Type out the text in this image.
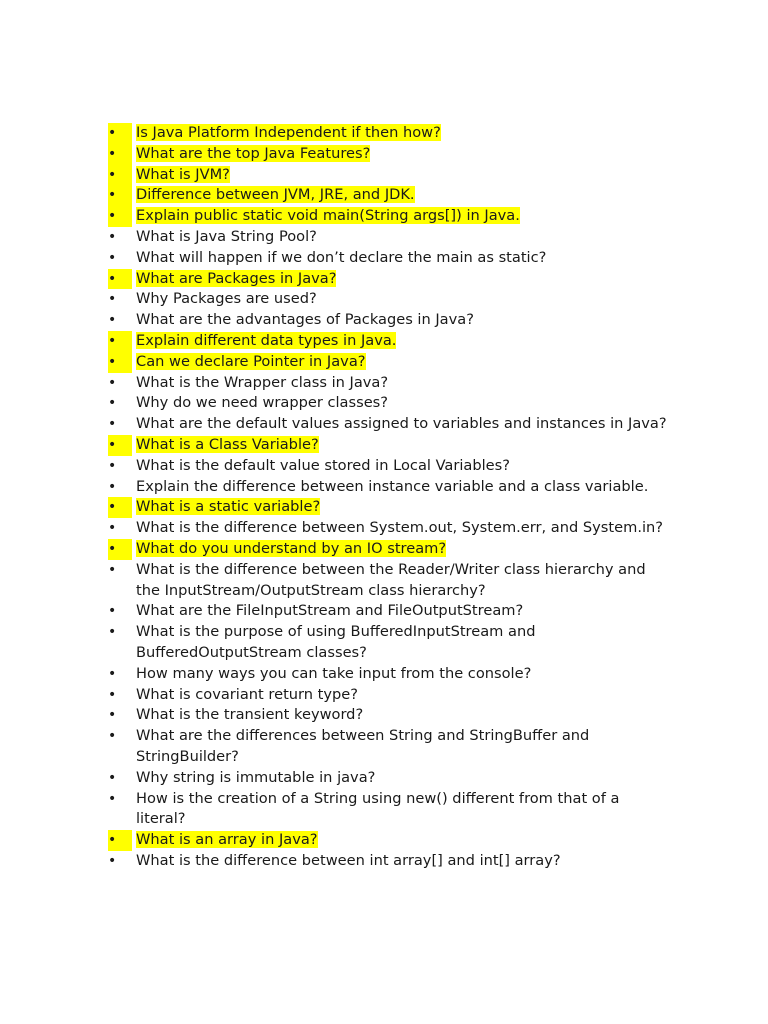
•	Is Java Platform Independent if then how?
•	What are the top Java Features?
•	What is JVM?
•	Difference between JVM, JRE, and JDK.
•	Explain public static void main(String args[]) in Java.
•	What is Java String Pool?
•	What will happen if we don’t declare the main as static?
•	What are Packages in Java?
•	Why Packages are used?
•	What are the advantages of Packages in Java?
•	Explain different data types in Java.
•	Can we declare Pointer in Java?
•	What is the Wrapper class in Java?
•	Why do we need wrapper classes?
•	What are the default values assigned to variables and instances in Java?
•	What is a Class Variable?
•	What is the default value stored in Local Variables?
•	Explain the difference between instance variable and a class variable.
•	What is a static variable?
•	What is the difference between System.out, System.err, and System.in?
•	What do you understand by an IO stream?
•	What is the difference between the Reader/Writer class hierarchy and the InputStream/OutputStream class hierarchy?
•	What are the FileInputStream and FileOutputStream?
•	What is the purpose of using BufferedInputStream and BufferedOutputStream classes?
•	How many ways you can take input from the console?
•	What is covariant return type?
•	What is the transient keyword?
•	What are the differences between String and StringBuffer and StringBuilder?
•	Why string is immutable in java?
•	How is the creation of a String using new() different from that of a literal?
•	What is an array in Java?
•	What is the difference between int array[] and int[] array?
